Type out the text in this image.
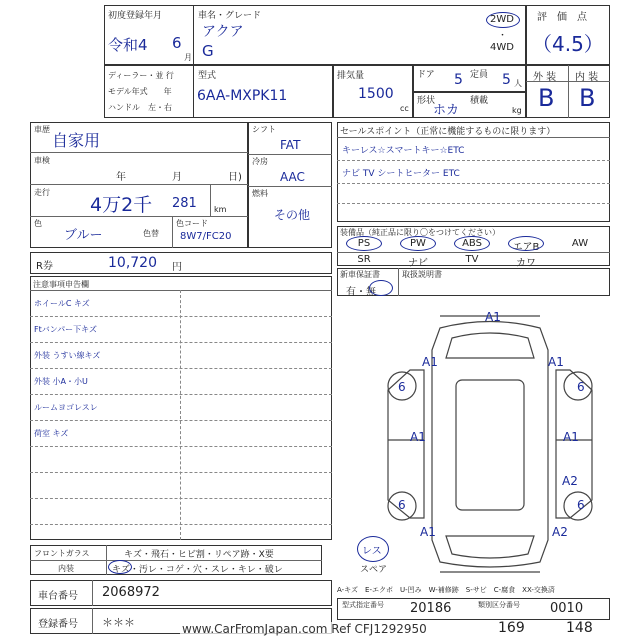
初度登録年月
令和4 6
月
車名・グレード
アクア
G
2WD
・
4WD
評　価　点
（4.5）
ディーラー・並 行
モデル年式　　年
ハンドル　左・右
型式
6AA-MXPK11
排気量
1500
cc
ドア 5 定員 5 人
形状
ホカ
積載
kg
外 装 内 装
B B
車歴
自家用
車検
年	月	日)
走行
4万2千 281 km
色
ブルー	色替
色コード
8W7/FC20
シフト
FAT
冷房
AAC
燃料
その他
セールスポイント（正常に機能するものに限ります）
キーレス☆スマートキー☆ETC
ナビ TV シートヒーター ETC
R券	10,720 円
装備品（純正品に限り〇をつけてください）
PS	PW	ABS	エアB	AW
SR	ナビ	TV	カワ
新車保証書	取扱説明書
有・無
注意事項申告欄
ホイールC キズ
Ftバンパー下キズ
外装 うすい線キズ
外装 小A・小U
ルームヨゴレスレ
荷室 キズ
A1
A1	A1
6	6
A1	A1
A2
6	6
A1	A2
レス
スペア
フロントガラス	キズ・飛石・ヒビ割・リペア跡・X要
内装	キズ・汚レ・コゲ・穴・スレ・キレ・破レ
A-キズ　E-エクボ　U-凹み　W-補修跡　S-サビ　C-腐食　XX-交換済
車台番号 2068972
登録番号 ＊＊＊
型式指定番号 20186	類別区分番号 0010
169	148
www.CarFromJapan.com Ref CFJ1292950
